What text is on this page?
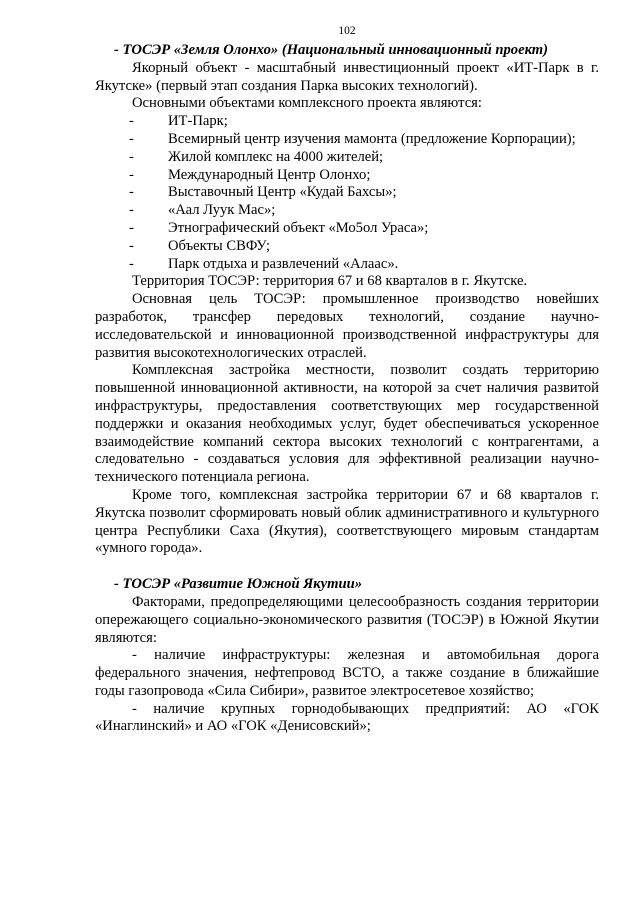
102
- ТОСЭР «Земля Олонхо» (Национальный инновационный проект)

Якорный объект - масштабный инвестиционный проект «ИТ-Парк в г. Якутске» (первый этап создания Парка высоких технологий).

Основными объектами комплексного проекта являются:

- ИТ-Парк;
- Всемирный центр изучения мамонта (предложение Корпорации);
- Жилой комплекс на 4000 жителей;
- Международный Центр Олонхо;
- Выставочный Центр «Кудай Бахсы»;
- «Аал Луук Мас»;
- Этнографический объект «Мо5ол Ураса»;
- Объекты СВФУ;
- Парк отдыха и развлечений «Алаас».

Территория ТОСЭР: территория 67 и 68 кварталов в г. Якутске.

Основная цель ТОСЭР: промышленное производство новейших разработок, трансфер передовых технологий, создание научно-исследовательской и инновационной производственной инфраструктуры для развития высокотехнологических отраслей.

Комплексная застройка местности, позволит создать территорию повышенной инновационной активности, на которой за счет наличия развитой инфраструктуры, предоставления соответствующих мер государственной поддержки и оказания необходимых услуг, будет обеспечиваться ускоренное взаимодействие компаний сектора высоких технологий с контрагентами, а следовательно - создаваться условия для эффективной реализации научно-технического потенциала региона.

Кроме того, комплексная застройка территории 67 и 68 кварталов г. Якутска позволит сформировать новый облик административного и культурного центра Республики Саха (Якутия), соответствующего мировым стандартам «умного города».

- ТОСЭР «Развитие Южной Якутии»

Факторами, предопределяющими целесообразность создания территории опережающего социально-экономического развития (ТОСЭР) в Южной Якутии являются:

- наличие инфраструктуры: железная и автомобильная дорога федерального значения, нефтепровод ВСТО, а также создание в ближайшие годы газопровода «Сила Сибири», развитое электросетевое хозяйство;

- наличие крупных горнодобывающих предприятий: АО «ГОК «Инаглинский» и АО «ГОК «Денисовский»;
